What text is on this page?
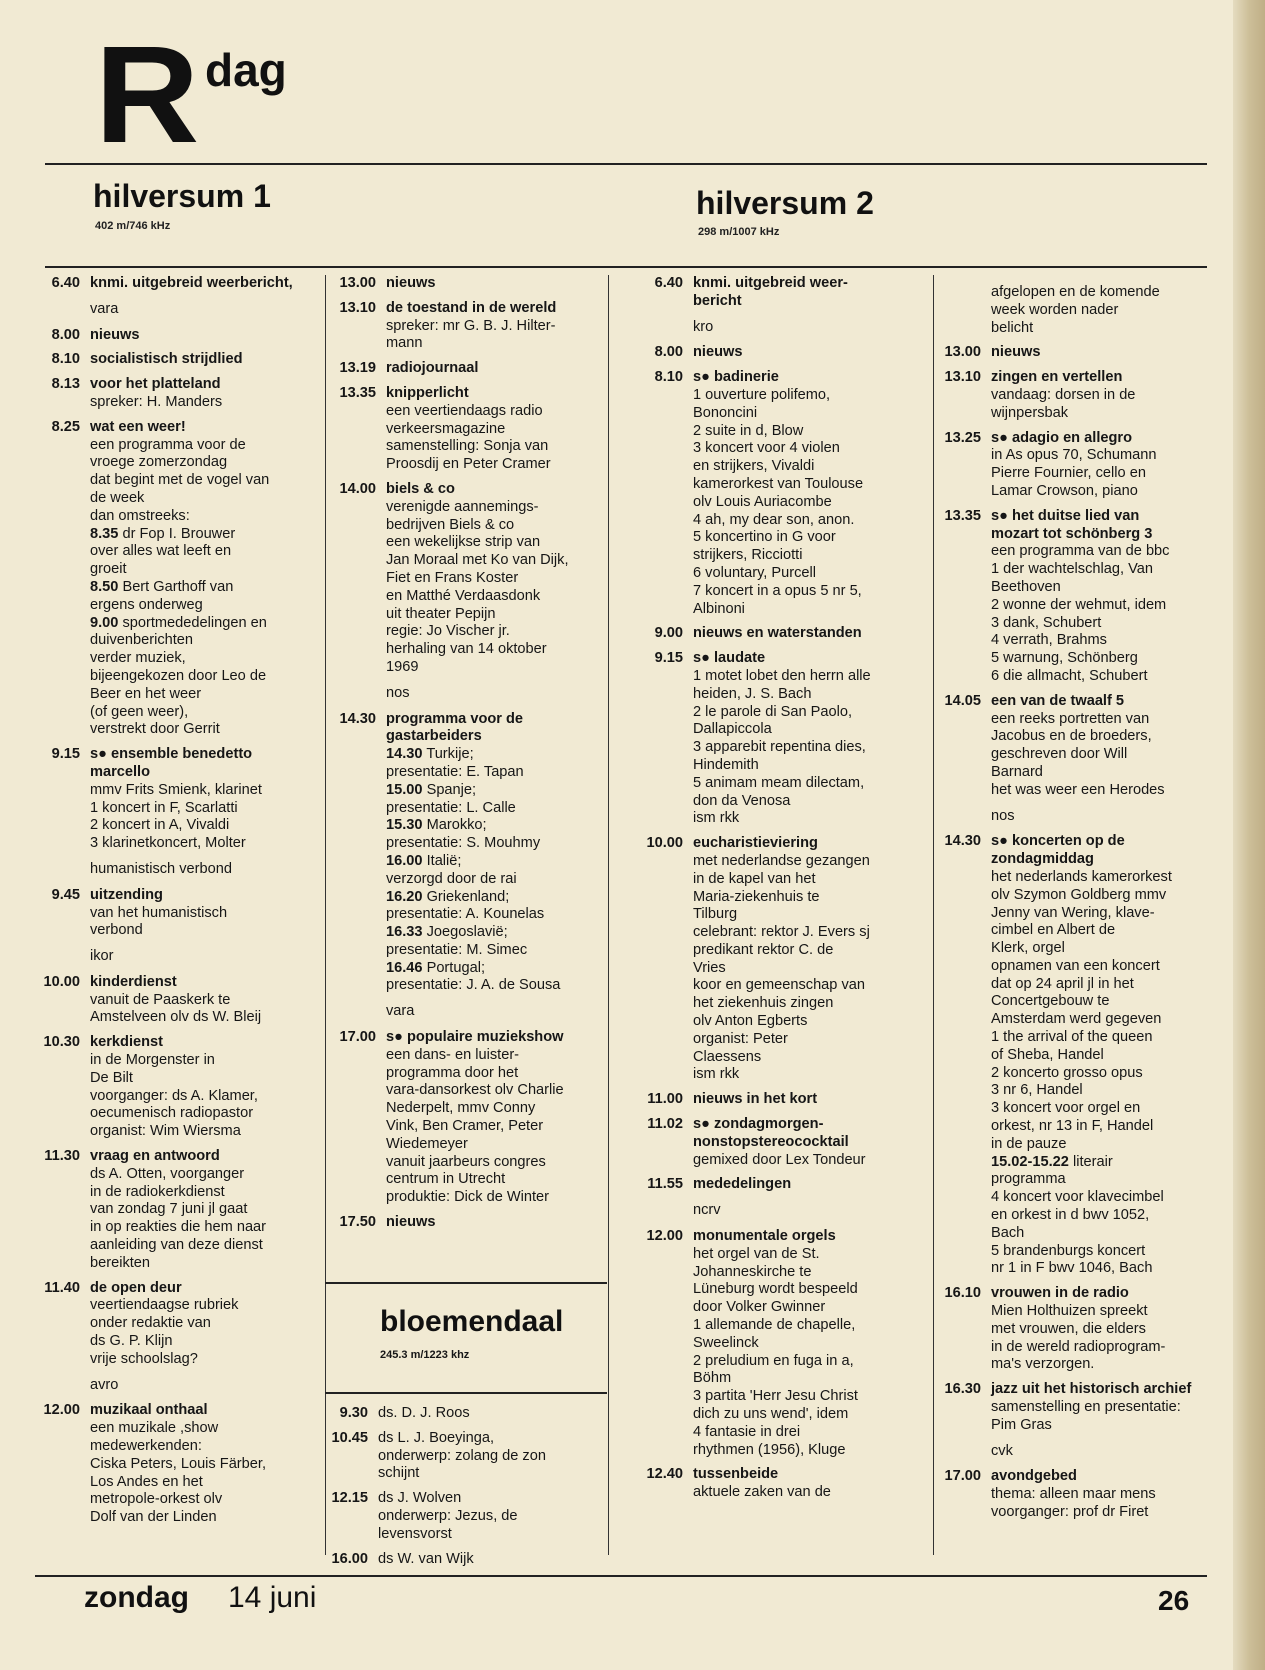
R dag
hilversum 1
402 m/746 kHz
hilversum 2
298 m/1007 kHz
6.40 knmi. uitgebreid weerbericht,
vara
8.00 nieuws
8.10 socialistisch strijdlied
8.13 voor het platteland
spreker: H. Manders
8.25 wat een weer!
een programma voor de
vroege zomerzondag
dat begint met de vogel van
de week
dan omstreeks:
8.35 dr Fop I. Brouwer
over alles wat leeft en
groeit
8.50 Bert Garthoff van
ergens onderweg
9.00 sportmededelingen en
duivenberichten
verder muziek,
bijeengekozen door Leo de
Beer en het weer
(of geen weer),
verstrekt door Gerrit
9.15 s● ensemble benedetto
marcello
mmv Frits Smienk, klarinet
1 koncert in F, Scarlatti
2 koncert in A, Vivaldi
3 klarinetkoncert, Molter
humanistisch verbond
9.45 uitzending
van het humanistisch
verbond
ikor
10.00 kinderdienst
vanuit de Paaskerk te
Amstelveen olv ds W. Bleij
10.30 kerkdienst
in de Morgenster in
De Bilt
voorganger: ds A. Klamer,
oecumenisch radiopastor
organist: Wim Wiersma
11.30 vraag en antwoord
ds A. Otten, voorganger
in de radiokerkdienst
van zondag 7 juni jl gaat
in op reakties die hem naar
aanleiding van deze dienst
bereikten
11.40 de open deur
veertiendaagse rubriek
onder redaktie van
ds G. P. Klijn
vrije schoolslag?
avro
12.00 muzikaal onthaal
een muzikale ,show
medewerkenden:
Ciska Peters, Louis Färber,
Los Andes en het
metropole-orkest olv
Dolf van der Linden
13.00 nieuws
13.10 de toestand in de wereld
spreker: mr G. B. J. Hilter-
mann
13.19 radiojournaal
13.35 knipperlicht
een veertiendaags radio
verkeersmagazine
samenstelling: Sonja van
Proosdij en Peter Cramer
14.00 biels & co
verenigde aannemings-
bedrijven Biels & co
een wekelijkse strip van
Jan Moraal met Ko van Dijk,
Fiet en Frans Koster
en Matthé Verdaasdonk
uit theater Pepijn
regie: Jo Vischer jr.
herhaling van 14 oktober
1969
nos
14.30 programma voor de
gastarbeiders
14.30 Turkije;
presentatie: E. Tapan
15.00 Spanje;
presentatie: L. Calle
15.30 Marokko;
presentatie: S. Mouhmy
16.00 Italië;
verzorgd door de rai
16.20 Griekenland;
presentatie: A. Kounelas
16.33 Joegoslavië;
presentatie: M. Simec
16.46 Portugal;
presentatie: J. A. de Sousa
vara
17.00 s● populaire muziekshow
een dans- en luister-
programma door het
vara-dansorkest olv Charlie
Nederpelt, mmv Conny
Vink, Ben Cramer, Peter
Wiedemeyer
vanuit jaarbeurs congres
centrum in Utrecht
produktie: Dick de Winter
17.50 nieuws
6.40 knmi. uitgebreid weer-
bericht
kro
8.00 nieuws
8.10 s● badinerie
1 ouverture polifemo,
Bononcini
2 suite in d, Blow
3 koncert voor 4 violen
en strijkers, Vivaldi
kamerorkest van Toulouse
olv Louis Auriacombe
4 ah, my dear son, anon.
5 koncertino in G voor
strijkers, Ricciotti
6 voluntary, Purcell
7 koncert in a opus 5 nr 5,
Albinoni
9.00 nieuws en waterstanden
9.15 s● laudate
1 motet lobet den herrn alle
heiden, J. S. Bach
2 le parole di San Paolo,
Dallapiccola
3 apparebit repentina dies,
Hindemith
5 animam meam dilectam,
don da Venosa
ism rkk
10.00 eucharistieviering
met nederlandse gezangen
in de kapel van het
Maria-ziekenhuis te
Tilburg
celebrant: rektor J. Evers sj
predikant rektor C. de
Vries
koor en gemeenschap van
het ziekenhuis zingen
olv Anton Egberts
organist: Peter
Claessens
ism rkk
11.00 nieuws in het kort
11.02 s● zondagmorgen-
nonstopstereococktail
gemixed door Lex Tondeur
11.55 mededelingen
ncrv
12.00 monumentale orgels
het orgel van de St.
Johanneskirche te
Lüneburg wordt bespeeld
door Volker Gwinner
1 allemande de chapelle,
Sweelinck
2 preludium en fuga in a,
Böhm
3 partita 'Herr Jesu Christ
dich zu uns wend', idem
4 fantasie in drei
rhythmen (1956), Kluge
12.40 tussenbeide
aktuele zaken van de
afgelopen en de komende
week worden nader
belicht
13.00 nieuws
13.10 zingen en vertellen
vandaag: dorsen in de
wijnpersbak
13.25 s● adagio en allegro
in As opus 70, Schumann
Pierre Fournier, cello en
Lamar Crowson, piano
13.35 s● het duitse lied van
mozart tot schönberg 3
een programma van de bbc
1 der wachtelschlag, Van
Beethoven
2 wonne der wehmut, idem
3 dank, Schubert
4 verrath, Brahms
5 warnung, Schönberg
6 die allmacht, Schubert
14.05 een van de twaalf 5
een reeks portretten van
Jacobus en de broeders,
geschreven door Will
Barnard
het was weer een Herodes
nos
14.30 s● koncerten op de
zondagmiddag
het nederlands kamerorkest
olv Szymon Goldberg mmv
Jenny van Wering, klave-
cimbel en Albert de
Klerk, orgel
opnamen van een koncert
dat op 24 april jl in het
Concertgebouw te
Amsterdam werd gegeven
1 the arrival of the queen
of Sheba, Handel
2 koncerto grosso opus
3 nr 6, Handel
3 koncert voor orgel en
orkest, nr 13 in F, Handel
in de pauze
15.02-15.22 literair
programma
4 koncert voor klavecimbel
en orkest in d bwv 1052,
Bach
5 brandenburgs koncert
nr 1 in F bwv 1046, Bach
16.10 vrouwen in de radio
Mien Holthuizen spreekt
met vrouwen, die elders
in de wereld radioprogram-
ma's verzorgen.
16.30 jazz uit het historisch archief
samenstelling en presentatie:
Pim Gras
cvk
17.00 avondgebed
thema: alleen maar mens
voorganger: prof dr Firet
bloemendaal
245.3 m/1223 khz
9.30 ds. D. J. Roos
10.45 ds L. J. Boeyinga,
onderwerp: zolang de zon
schijnt
12.15 ds J. Wolven
onderwerp: Jezus, de
levensvorst
16.00 ds W. van Wijk
zondag 14 juni	26
